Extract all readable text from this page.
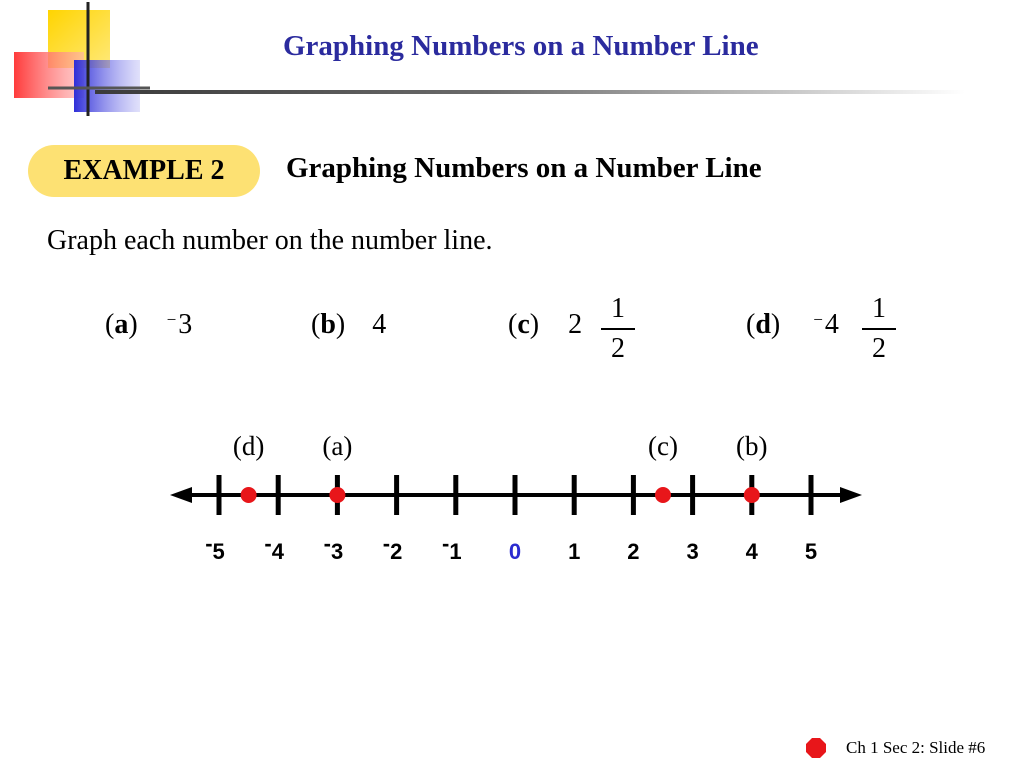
Graphing Numbers on a Number Line
EXAMPLE 2	Graphing Numbers on a Number Line
Graph each number on the number line.
(a) −3	(b) 4	(c) $2 \frac{1}{2}$	(d) $^-4 \frac{1}{2}$
-5 -4 -3 -2 -1 0 1 2 3 4 5
(d) (a)	(c) (b)
Ch 1 Sec 2: Slide #6
